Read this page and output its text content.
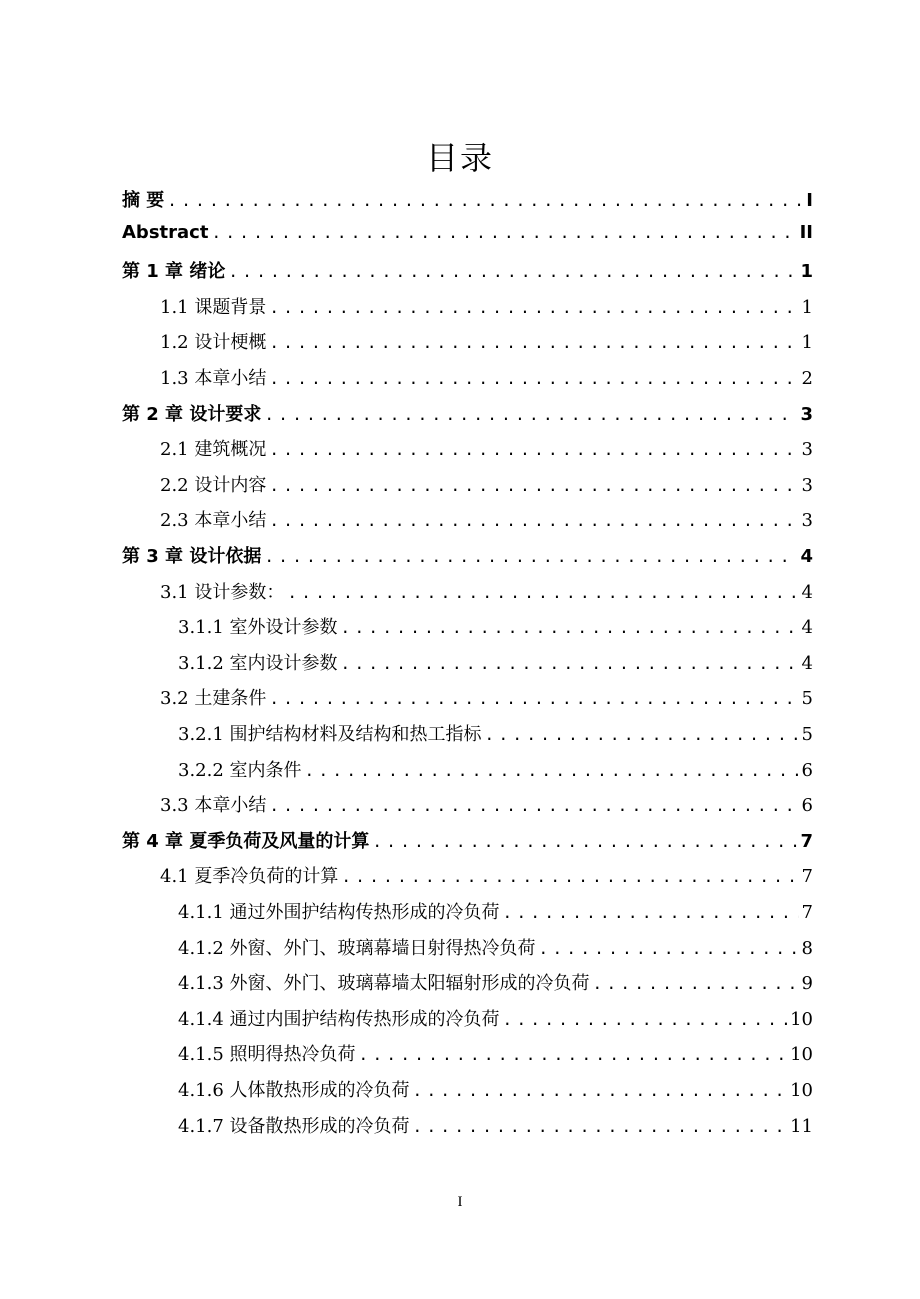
目录
摘 要 .....	I
Abstract .....	II
第 1 章 绪论 .....	1
1.1 课题背景 .....	1
1.2 设计梗概 .....	1
1.3 本章小结 .....	2
第 2 章 设计要求 .....	3
2.1 建筑概况 .....	3
2.2 设计内容 .....	3
2.3 本章小结 .....	3
第 3 章 设计依据 .....	4
3.1 设计参数： .....	4
3.1.1 室外设计参数 .....	4
3.1.2 室内设计参数 .....	4
3.2 土建条件 .....	5
3.2.1 围护结构材料及结构和热工指标 .....	5
3.2.2 室内条件 .....	6
3.3 本章小结 .....	6
第 4 章 夏季负荷及风量的计算 .....	7
4.1 夏季冷负荷的计算 .....	7
4.1.1 通过外围护结构传热形成的冷负荷 .....	7
4.1.2 外窗、外门、玻璃幕墙日射得热冷负荷 .....	8
4.1.3 外窗、外门、玻璃幕墙太阳辐射形成的冷负荷 .....	9
4.1.4 通过内围护结构传热形成的冷负荷 .....	10
4.1.5 照明得热冷负荷 .....	10
4.1.6 人体散热形成的冷负荷 .....	10
4.1.7 设备散热形成的冷负荷 .....	11
I
